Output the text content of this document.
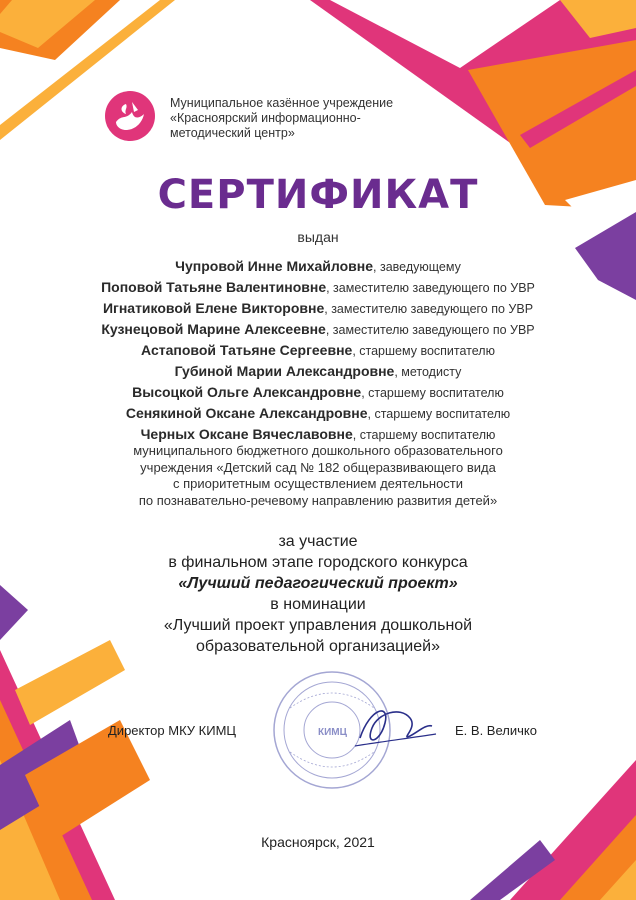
Муниципальное казённое учреждение
«Красноярский информационно-
методический центр»
СЕРТИФИКАТ
выдан
Чупровой Инне Михайловне, заведующему
Поповой Татьяне Валентиновне, заместителю заведующего по УВР
Игнатиковой Елене Викторовне, заместителю заведующего по УВР
Кузнецовой Марине Алексеевне, заместителю заведующего по УВР
Астаповой Татьяне Сергеевне, старшему воспитателю
Губиной Марии Александровне, методисту
Высоцкой Ольге Александровне, старшему воспитателю
Сенякиной Оксане Александровне, старшему воспитателю
Черных Оксане Вячеславовне, старшему воспитателю
муниципального бюджетного дошкольного образовательного
учреждения «Детский сад № 182 общеразвивающего вида
с приоритетным осуществлением деятельности
по познавательно-речевому направлению развития детей»
за участие
в финальном этапе городского конкурса
«Лучший педагогический проект»
в номинации
«Лучший проект управления дошкольной
образовательной организацией»
КИМЦ
Директор МКУ КИМЦ	Е. В. Величко
Красноярск, 2021
